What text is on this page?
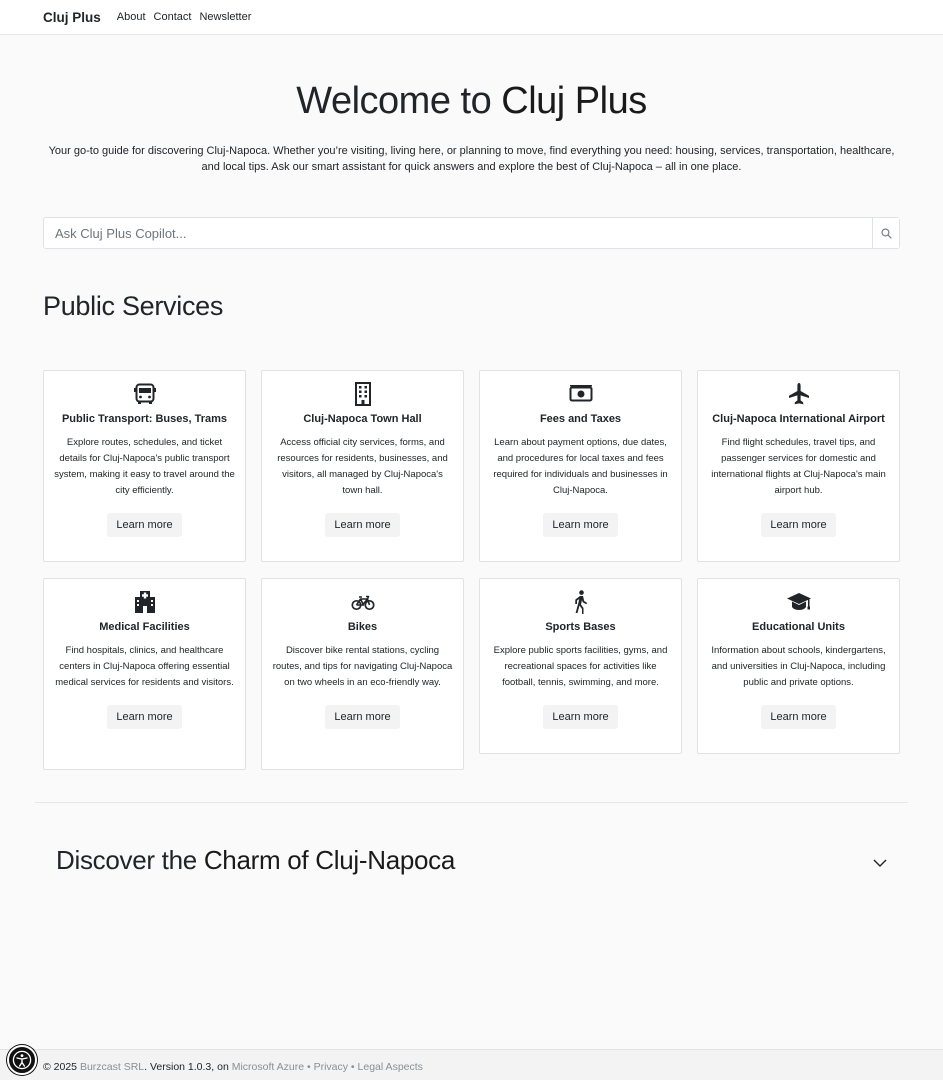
Cluj Plus About Contact Newsletter
Welcome to Cluj Plus

Your go-to guide for discovering Cluj-Napoca. Whether you’re visiting, living here, or planning to move, find everything you need: housing, services, transportation, healthcare, and local tips. Ask our smart assistant for quick answers and explore the best of Cluj-Napoca – all in one place.

Ask Cluj Plus Copilot...
Public Services
Public Transport: Buses, Trams
Explore routes, schedules, and ticket details for Cluj-Napoca's public transport system, making it easy to travel around the city efficiently.
Learn more
Cluj-Napoca Town Hall
Access official city services, forms, and resources for residents, businesses, and visitors, all managed by Cluj-Napoca's town hall.
Learn more
Fees and Taxes
Learn about payment options, due dates, and procedures for local taxes and fees required for individuals and businesses in Cluj-Napoca.
Learn more
Cluj-Napoca International Airport
Find flight schedules, travel tips, and passenger services for domestic and international flights at Cluj-Napoca's main airport hub.
Learn more
Medical Facilities
Find hospitals, clinics, and healthcare centers in Cluj-Napoca offering essential medical services for residents and visitors.
Learn more
Bikes
Discover bike rental stations, cycling routes, and tips for navigating Cluj-Napoca on two wheels in an eco-friendly way.
Learn more
Sports Bases
Explore public sports facilities, gyms, and recreational spaces for activities like football, tennis, swimming, and more.
Learn more
Educational Units
Information about schools, kindergartens, and universities in Cluj-Napoca, including public and private options.
Learn more
Discover the Charm of Cluj-Napoca
© 2025 Burzcast SRL. Version 1.0.3, on Microsoft Azure • Privacy • Legal Aspects
